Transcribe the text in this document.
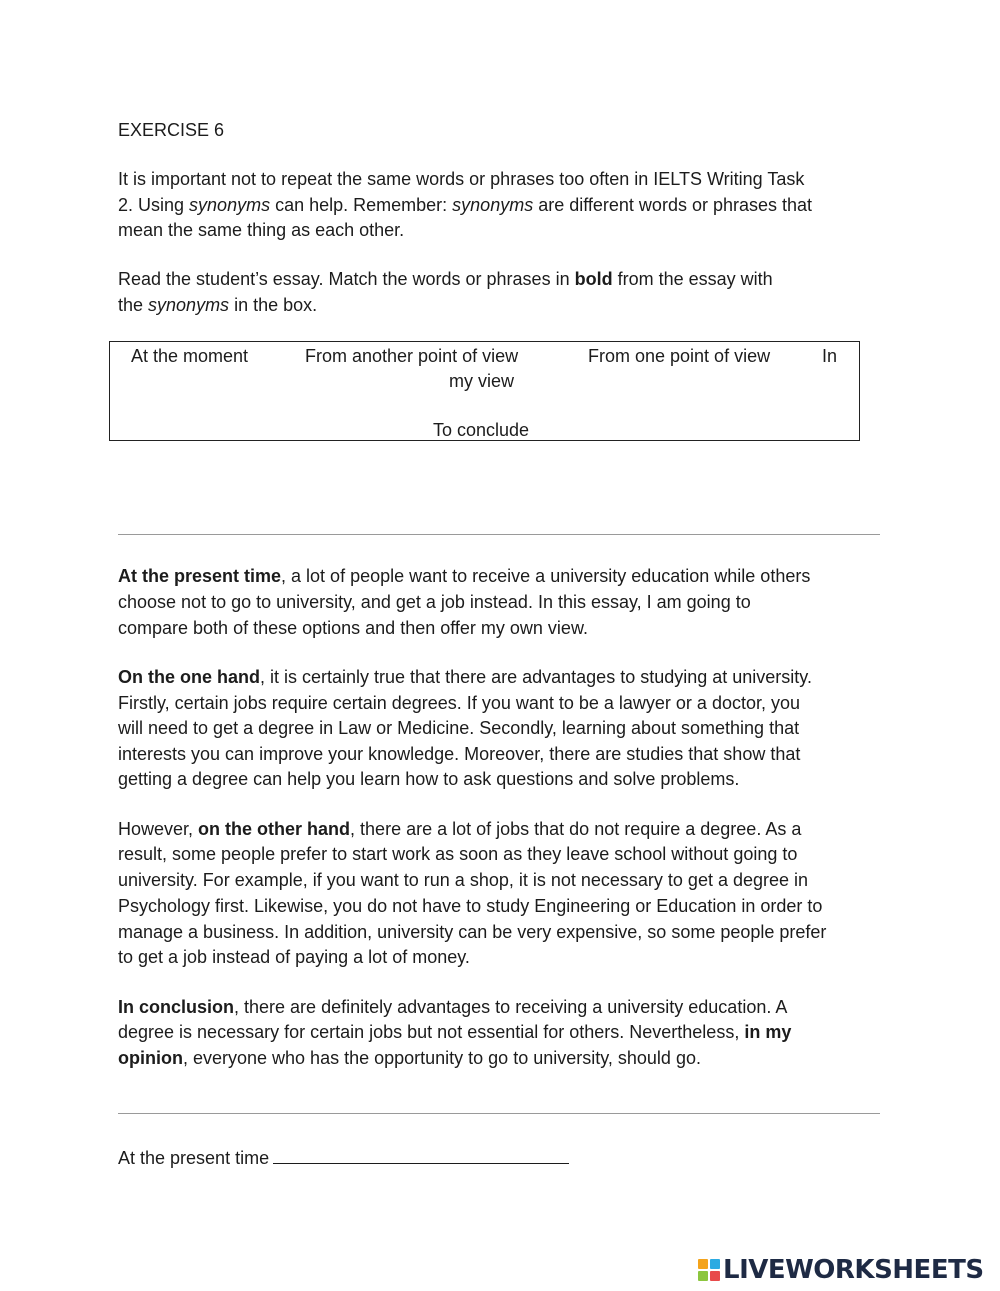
EXERCISE 6
It is important not to repeat the same words or phrases too often in IELTS Writing Task
2. Using synonyms can help. Remember: synonyms are different words or phrases that
mean the same thing as each other.
Read the student’s essay. Match the words or phrases in bold from the essay with
the synonyms in the box.
At the moment	From another point of view	From one point of view	In
my view
To conclude
At the present time, a lot of people want to receive a university education while others
choose not to go to university, and get a job instead. In this essay, I am going to
compare both of these options and then offer my own view.
On the one hand, it is certainly true that there are advantages to studying at university.
Firstly, certain jobs require certain degrees. If you want to be a lawyer or a doctor, you
will need to get a degree in Law or Medicine. Secondly, learning about something that
interests you can improve your knowledge. Moreover, there are studies that show that
getting a degree can help you learn how to ask questions and solve problems.
However, on the other hand, there are a lot of jobs that do not require a degree. As a
result, some people prefer to start work as soon as they leave school without going to
university. For example, if you want to run a shop, it is not necessary to get a degree in
Psychology first. Likewise, you do not have to study Engineering or Education in order to
manage a business. In addition, university can be very expensive, so some people prefer
to get a job instead of paying a lot of money.
In conclusion, there are definitely advantages to receiving a university education. A
degree is necessary for certain jobs but not essential for others. Nevertheless, in my
opinion, everyone who has the opportunity to go to university, should go.
At the present time
LIVEWORKSHEETS
